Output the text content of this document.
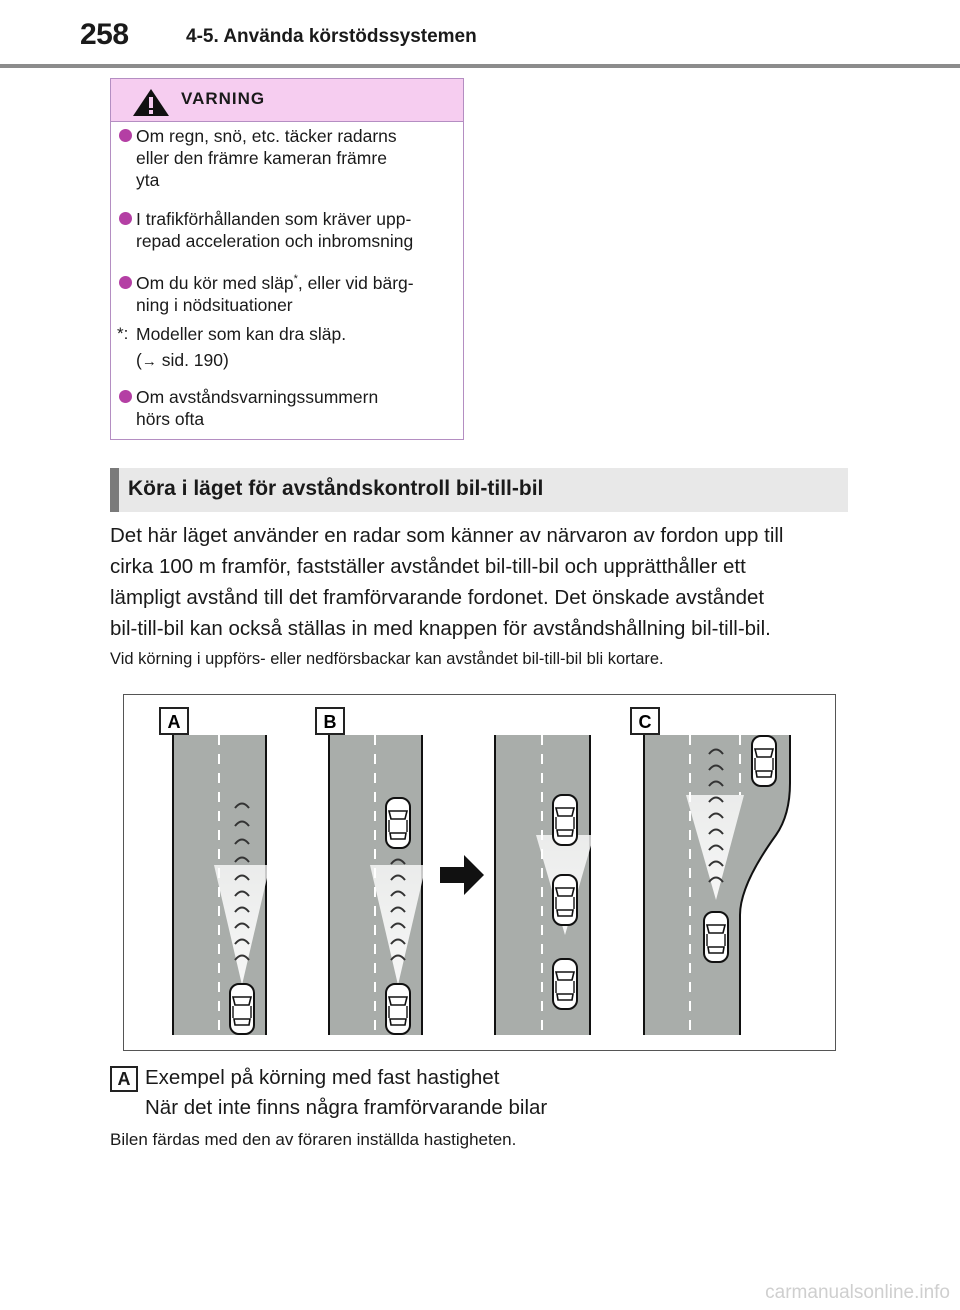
258	4-5. Använda körstödssystemen
VARNING
Om regn, snö, etc. täcker radarns
eller den främre kameran främre
yta
I trafikförhållanden som kräver upp-
repad acceleration och inbromsning
Om du kör med släp*, eller vid bärg-
ning i nödsituationer
*: Modeller som kan dra släp.
(→ sid. 190)
Om avståndsvarningssummern
hörs ofta
Köra i läget för avståndskontroll bil-till-bil
Det här läget använder en radar som känner av närvaron av fordon upp till
cirka 100 m framför, fastställer avståndet bil-till-bil och upprätthåller ett
lämpligt avstånd till det framförvarande fordonet. Det önskade avståndet
bil-till-bil kan också ställas in med knappen för avståndshållning bil-till-bil.
Vid körning i uppförs- eller nedförsbackar kan avståndet bil-till-bil bli kortare.
A	B	C
A Exempel på körning med fast hastighet
När det inte finns några framförvarande bilar
Bilen färdas med den av föraren inställda hastigheten.
carmanualsonline.info
